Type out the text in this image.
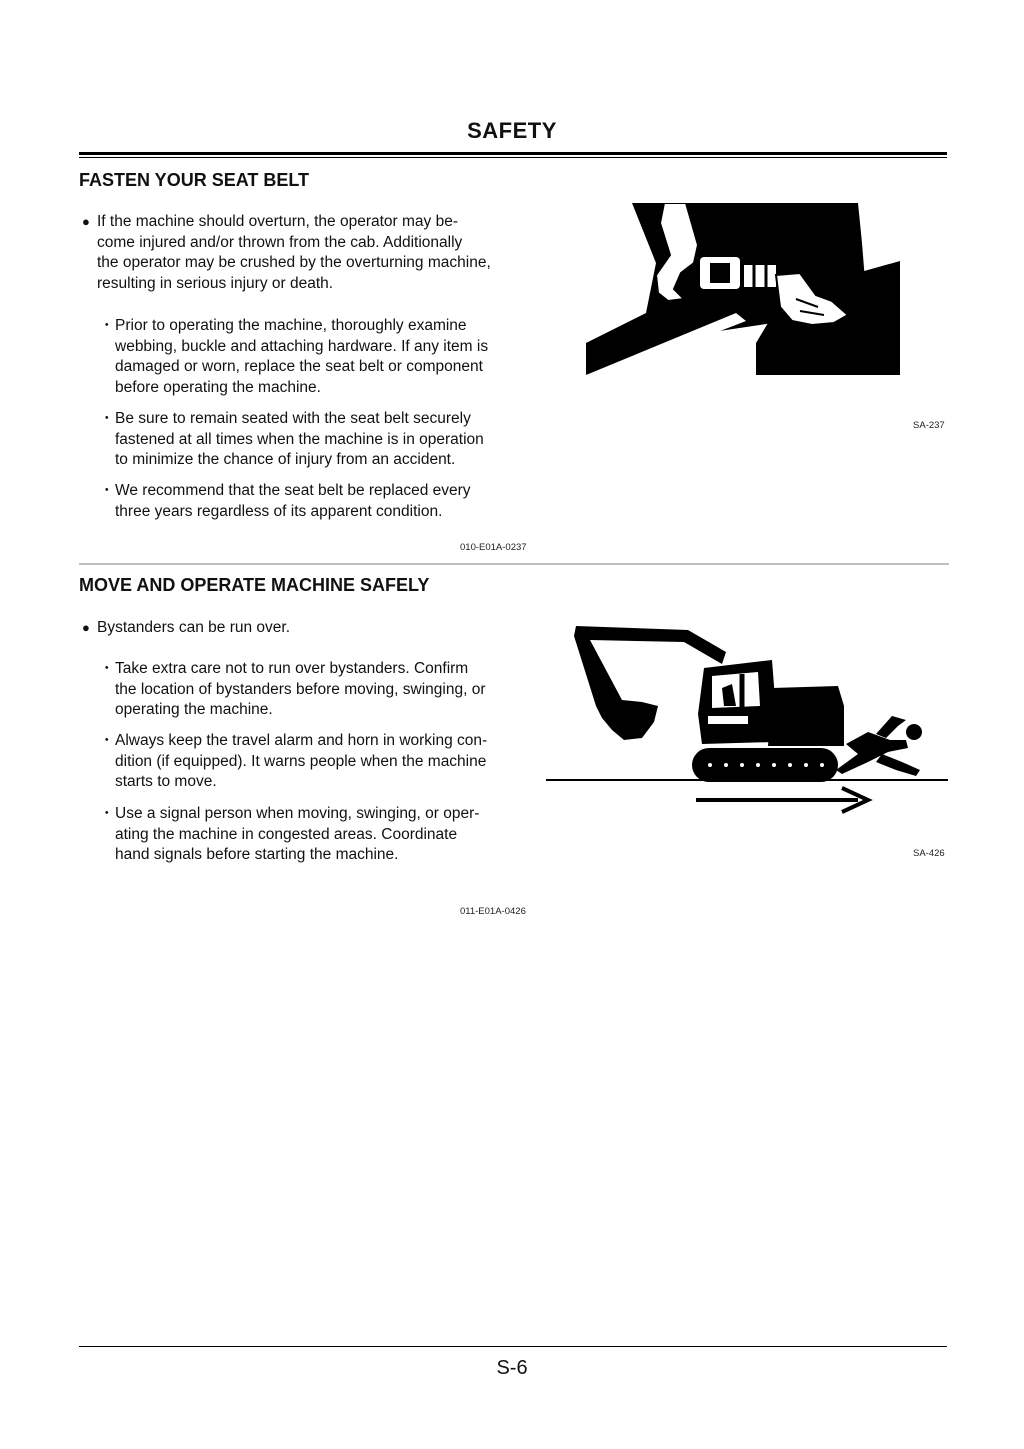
SAFETY
FASTEN YOUR SEAT BELT
● If the machine should overturn, the operator may be-
come injured and/or thrown from the cab. Additionally
the operator may be crushed by the overturning machine,
resulting in serious injury or death.
・ Prior to operating the machine, thoroughly examine
webbing, buckle and attaching hardware. If any item is
damaged or worn, replace the seat belt or component
before operating the machine.
・ Be sure to remain seated with the seat belt securely
fastened at all times when the machine is in operation
to minimize the chance of injury from an accident.
・ We recommend that the seat belt be replaced every
three years regardless of its apparent condition.
010-E01A-0237
SA-237
MOVE AND OPERATE MACHINE SAFELY
● Bystanders can be run over.
・ Take extra care not to run over bystanders. Confirm
the location of bystanders before moving, swinging, or
operating the machine.
・ Always keep the travel alarm and horn in working con-
dition (if equipped). It warns people when the machine
starts to move.
・ Use a signal person when moving, swinging, or oper-
ating the machine in congested areas. Coordinate
hand signals before starting the machine.
011-E01A-0426
SA-426
S-6
